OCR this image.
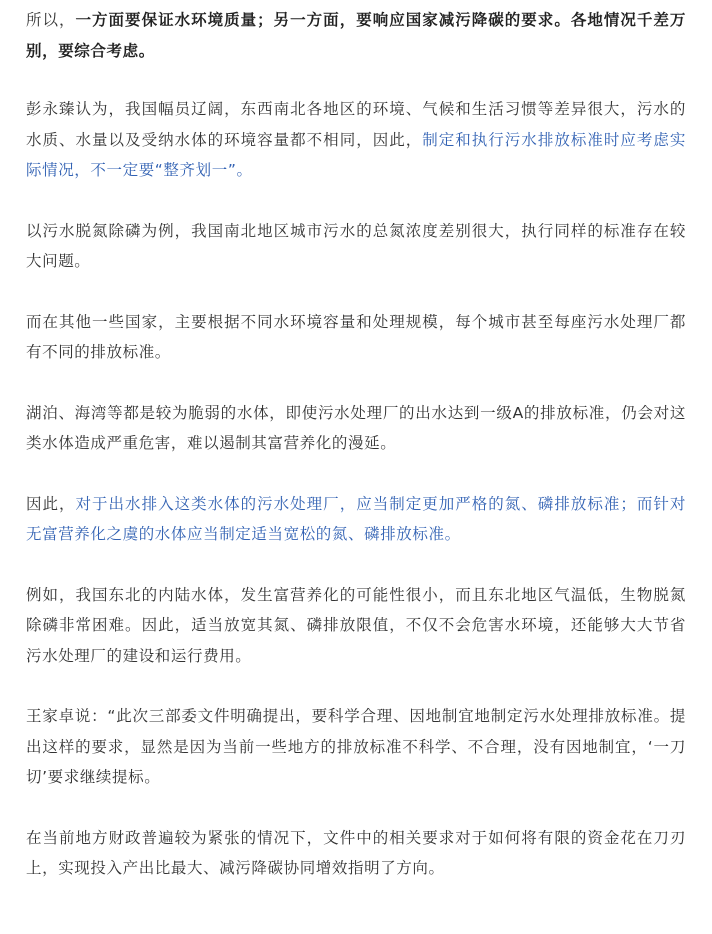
所以，一方面要保证水环境质量；另一方面，要响应国家减污降碳的要求。各地情况千差万别，要综合考虑。

彭永臻认为，我国幅员辽阔，东西南北各地区的环境、气候和生活习惯等差异很大，污水的水质、水量以及受纳水体的环境容量都不相同，因此，制定和执行污水排放标准时应考虑实际情况，不一定要“整齐划一”。

以污水脱氮除磷为例，我国南北地区城市污水的总氮浓度差别很大，执行同样的标准存在较大问题。

而在其他一些国家，主要根据不同水环境容量和处理规模，每个城市甚至每座污水处理厂都有不同的排放标准。

湖泊、海湾等都是较为脆弱的水体，即使污水处理厂的出水达到一级A的排放标准，仍会对这类水体造成严重危害，难以遏制其富营养化的漫延。

因此，对于出水排入这类水体的污水处理厂，应当制定更加严格的氮、磷排放标准；而针对无富营养化之虞的水体应当制定适当宽松的氮、磷排放标准。

例如，我国东北的内陆水体，发生富营养化的可能性很小，而且东北地区气温低，生物脱氮除磷非常困难。因此，适当放宽其氮、磷排放限值，不仅不会危害水环境，还能够大大节省污水处理厂的建设和运行费用。

王家卓说：“此次三部委文件明确提出，要科学合理、因地制宜地制定污水处理排放标准。提出这样的要求，显然是因为当前一些地方的排放标准不科学、不合理，没有因地制宜，‘一刀切’要求继续提标。

在当前地方财政普遍较为紧张的情况下，文件中的相关要求对于如何将有限的资金花在刀刃上，实现投入产出比最大、减污降碳协同增效指明了方向。
